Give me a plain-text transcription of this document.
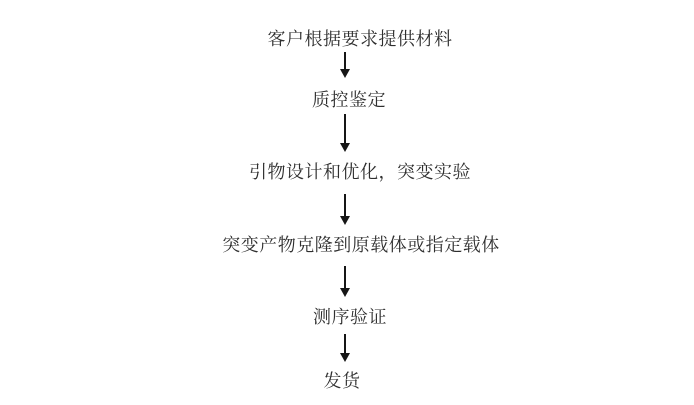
客户根据要求提供材料
质控鉴定
引物设计和优化，突变实验
突变产物克隆到原载体或指定载体
测序验证
发货
